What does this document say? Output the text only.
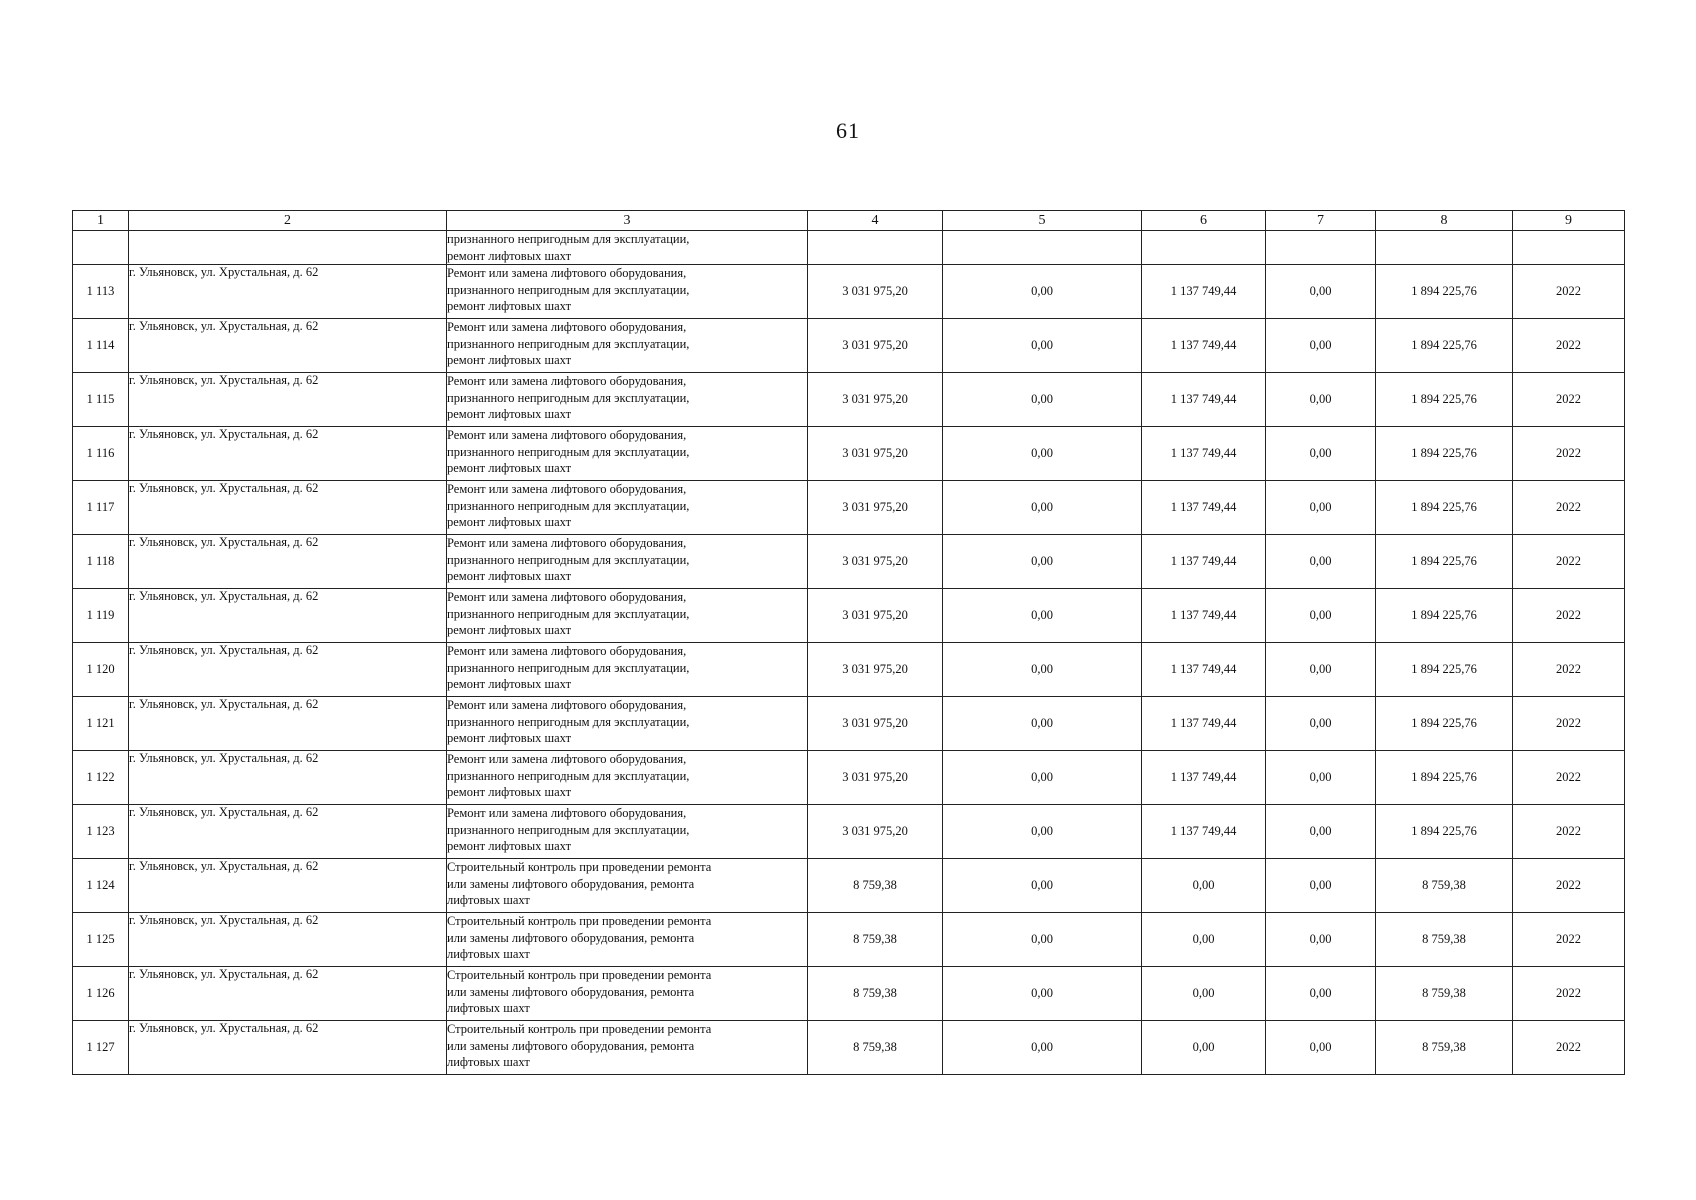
61
1	2	3	4	5	6	7	8	9

		признанного непригодным для эксплуатации,
ремонт лифтовых шахт						

1 113	г. Ульяновск, ул. Хрустальная, д. 62	Ремонт или замена лифтового оборудования,
признанного непригодным для эксплуатации,
ремонт лифтовых шахт	3 031 975,20	0,00	1 137 749,44	0,00	1 894 225,76	2022
1 114	г. Ульяновск, ул. Хрустальная, д. 62	Ремонт или замена лифтового оборудования,
признанного непригодным для эксплуатации,
ремонт лифтовых шахт	3 031 975,20	0,00	1 137 749,44	0,00	1 894 225,76	2022
1 115	г. Ульяновск, ул. Хрустальная, д. 62	Ремонт или замена лифтового оборудования,
признанного непригодным для эксплуатации,
ремонт лифтовых шахт	3 031 975,20	0,00	1 137 749,44	0,00	1 894 225,76	2022
1 116	г. Ульяновск, ул. Хрустальная, д. 62	Ремонт или замена лифтового оборудования,
признанного непригодным для эксплуатации,
ремонт лифтовых шахт	3 031 975,20	0,00	1 137 749,44	0,00	1 894 225,76	2022
1 117	г. Ульяновск, ул. Хрустальная, д. 62	Ремонт или замена лифтового оборудования,
признанного непригодным для эксплуатации,
ремонт лифтовых шахт	3 031 975,20	0,00	1 137 749,44	0,00	1 894 225,76	2022
1 118	г. Ульяновск, ул. Хрустальная, д. 62	Ремонт или замена лифтового оборудования,
признанного непригодным для эксплуатации,
ремонт лифтовых шахт	3 031 975,20	0,00	1 137 749,44	0,00	1 894 225,76	2022
1 119	г. Ульяновск, ул. Хрустальная, д. 62	Ремонт или замена лифтового оборудования,
признанного непригодным для эксплуатации,
ремонт лифтовых шахт	3 031 975,20	0,00	1 137 749,44	0,00	1 894 225,76	2022
1 120	г. Ульяновск, ул. Хрустальная, д. 62	Ремонт или замена лифтового оборудования,
признанного непригодным для эксплуатации,
ремонт лифтовых шахт	3 031 975,20	0,00	1 137 749,44	0,00	1 894 225,76	2022
1 121	г. Ульяновск, ул. Хрустальная, д. 62	Ремонт или замена лифтового оборудования,
признанного непригодным для эксплуатации,
ремонт лифтовых шахт	3 031 975,20	0,00	1 137 749,44	0,00	1 894 225,76	2022
1 122	г. Ульяновск, ул. Хрустальная, д. 62	Ремонт или замена лифтового оборудования,
признанного непригодным для эксплуатации,
ремонт лифтовых шахт	3 031 975,20	0,00	1 137 749,44	0,00	1 894 225,76	2022
1 123	г. Ульяновск, ул. Хрустальная, д. 62	Ремонт или замена лифтового оборудования,
признанного непригодным для эксплуатации,
ремонт лифтовых шахт	3 031 975,20	0,00	1 137 749,44	0,00	1 894 225,76	2022
1 124	г. Ульяновск, ул. Хрустальная, д. 62	Строительный контроль при проведении ремонта
или замены лифтового оборудования, ремонта
лифтовых шахт	8 759,38	0,00	0,00	0,00	8 759,38	2022
1 125	г. Ульяновск, ул. Хрустальная, д. 62	Строительный контроль при проведении ремонта
или замены лифтового оборудования, ремонта
лифтовых шахт	8 759,38	0,00	0,00	0,00	8 759,38	2022
1 126	г. Ульяновск, ул. Хрустальная, д. 62	Строительный контроль при проведении ремонта
или замены лифтового оборудования, ремонта
лифтовых шахт	8 759,38	0,00	0,00	0,00	8 759,38	2022
1 127	г. Ульяновск, ул. Хрустальная, д. 62	Строительный контроль при проведении ремонта
или замены лифтового оборудования, ремонта
лифтовых шахт	8 759,38	0,00	0,00	0,00	8 759,38	2022
